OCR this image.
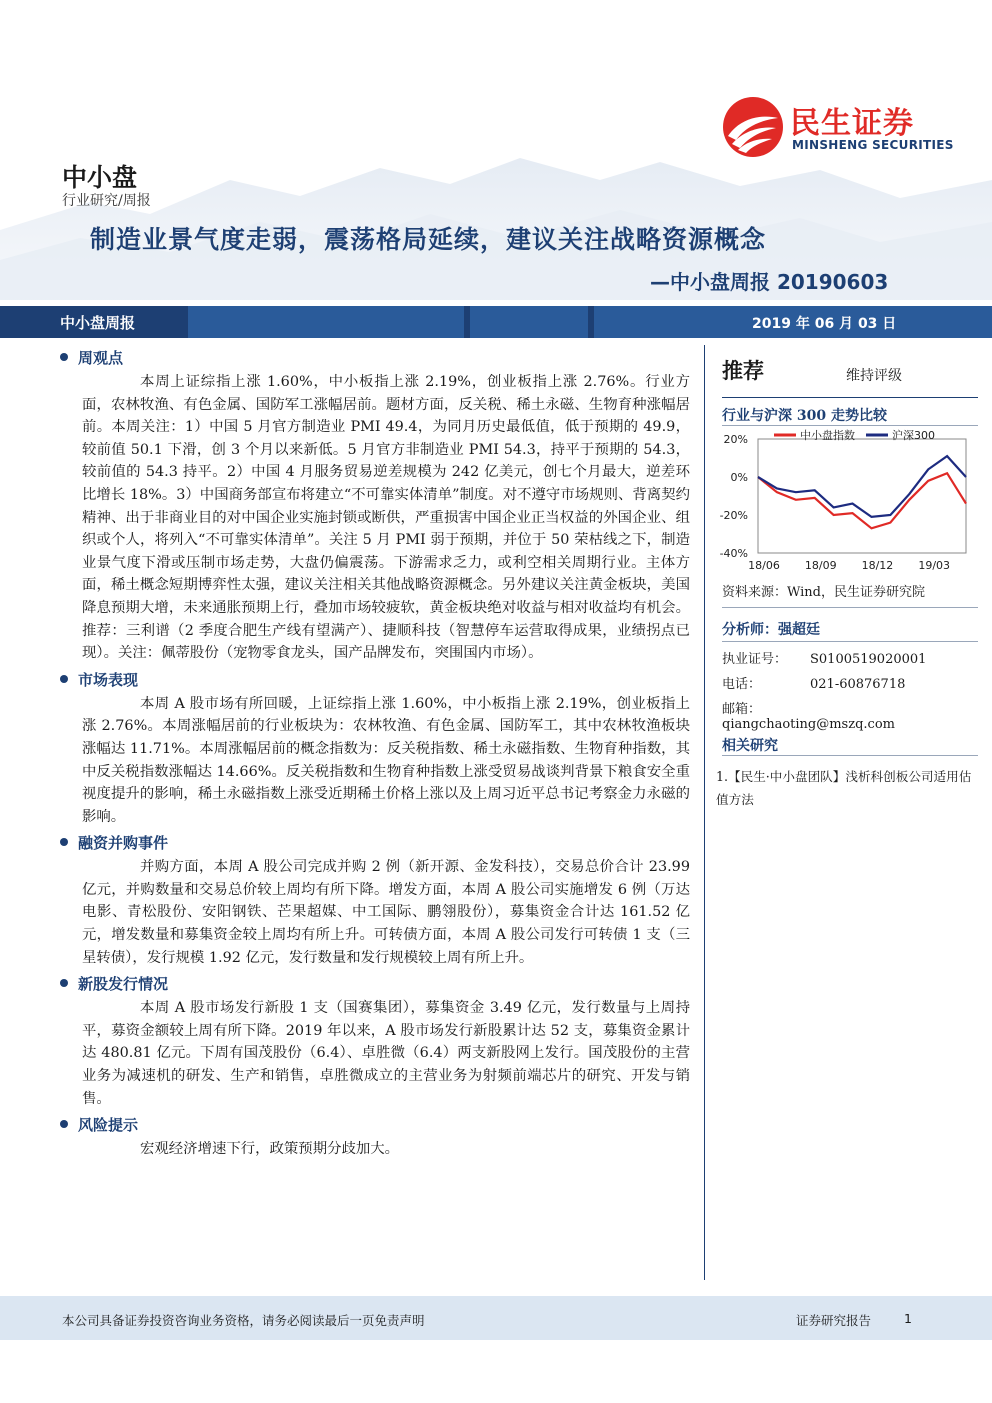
民生证券
MINSHENG SECURITIES
中小盘
行业研究/周报
制造业景气度走弱，震荡格局延续，建议关注战略资源概念
—中小盘周报 20190603
中小盘周报	2019 年 06 月 03 日
周观点
本周上证综指上涨 1.60%，中小板指上涨 2.19%，创业板指上涨 2.76%。行业方面，农林牧渔、有色金属、国防军工涨幅居前。题材方面，反关税、稀土永磁、生物育种涨幅居前。本周关注：1）中国 5 月官方制造业 PMI 49.4，为同月历史最低值，低于预期的 49.9，较前值 50.1 下滑，创 3 个月以来新低。5 月官方非制造业 PMI 54.3，持平于预期的 54.3，较前值的 54.3 持平。2）中国 4 月服务贸易逆差规模为 242 亿美元，创七个月最大，逆差环比增长 18%。3）中国商务部宣布将建立“不可靠实体清单”制度。对不遵守市场规则、背离契约精神、出于非商业目的对中国企业实施封锁或断供，严重损害中国企业正当权益的外国企业、组织或个人，将列入“不可靠实体清单”。关注 5 月 PMI 弱于预期，并位于 50 荣枯线之下，制造业景气度下滑或压制市场走势，大盘仍偏震荡。下游需求乏力，或利空相关周期行业。主体方面，稀土概念短期博弈性太强，建议关注相关其他战略资源概念。另外建议关注黄金板块，美国降息预期大增，未来通胀预期上行，叠加市场较疲软，黄金板块绝对收益与相对收益均有机会。推荐：三利谱（2 季度合肥生产线有望满产）、捷顺科技（智慧停车运营取得成果，业绩拐点已现）。关注：佩蒂股份（宠物零食龙头，国产品牌发布，突围国内市场）。
市场表现
本周 A 股市场有所回暖，上证综指上涨 1.60%，中小板指上涨 2.19%，创业板指上涨 2.76%。本周涨幅居前的行业板块为：农林牧渔、有色金属、国防军工，其中农林牧渔板块涨幅达 11.71%。本周涨幅居前的概念指数为：反关税指数、稀土永磁指数、生物育种指数，其中反关税指数涨幅达 14.66%。反关税指数和生物育种指数上涨受贸易战谈判背景下粮食安全重视度提升的影响，稀土永磁指数上涨受近期稀土价格上涨以及上周习近平总书记考察金力永磁的影响。
融资并购事件
并购方面，本周 A 股公司完成并购 2 例（新开源、金发科技），交易总价合计 23.99 亿元，并购数量和交易总价较上周均有所下降。增发方面，本周 A 股公司实施增发 6 例（万达电影、青松股份、安阳钢铁、芒果超媒、中工国际、鹏翎股份），募集资金合计达 161.52 亿元，增发数量和募集资金较上周均有所上升。可转债方面，本周 A 股公司发行可转债 1 支（三星转债），发行规模 1.92 亿元，发行数量和发行规模较上周有所上升。
新股发行情况
本周 A 股市场发行新股 1 支（国赛集团），募集资金 3.49 亿元，发行数量与上周持平，募资金额较上周有所下降。2019 年以来，A 股市场发行新股累计达 52 支，募集资金累计达 480.81 亿元。下周有国茂股份（6.4）、卓胜微（6.4）两支新股网上发行。国茂股份的主营业务为减速机的研发、生产和销售，卓胜微成立的主营业务为射频前端芯片的研究、开发与销售。
风险提示
宏观经济增速下行，政策预期分歧加大。
推荐	维持评级
行业与沪深 300 走势比较
20%
0%
-20%
-40%
18/06 18/09 18/12 19/03
中小盘指数	沪深300
资料来源：Wind，民生证券研究院
分析师：强超廷
执业证号： S0100519020001
电话：	021-60876718
邮箱：qiangchaoting@mszq.com
相关研究
1.【民生·中小盘团队】浅析科创板公司适用估值方法
本公司具备证券投资咨询业务资格，请务必阅读最后一页免责声明	证券研究报告	1
